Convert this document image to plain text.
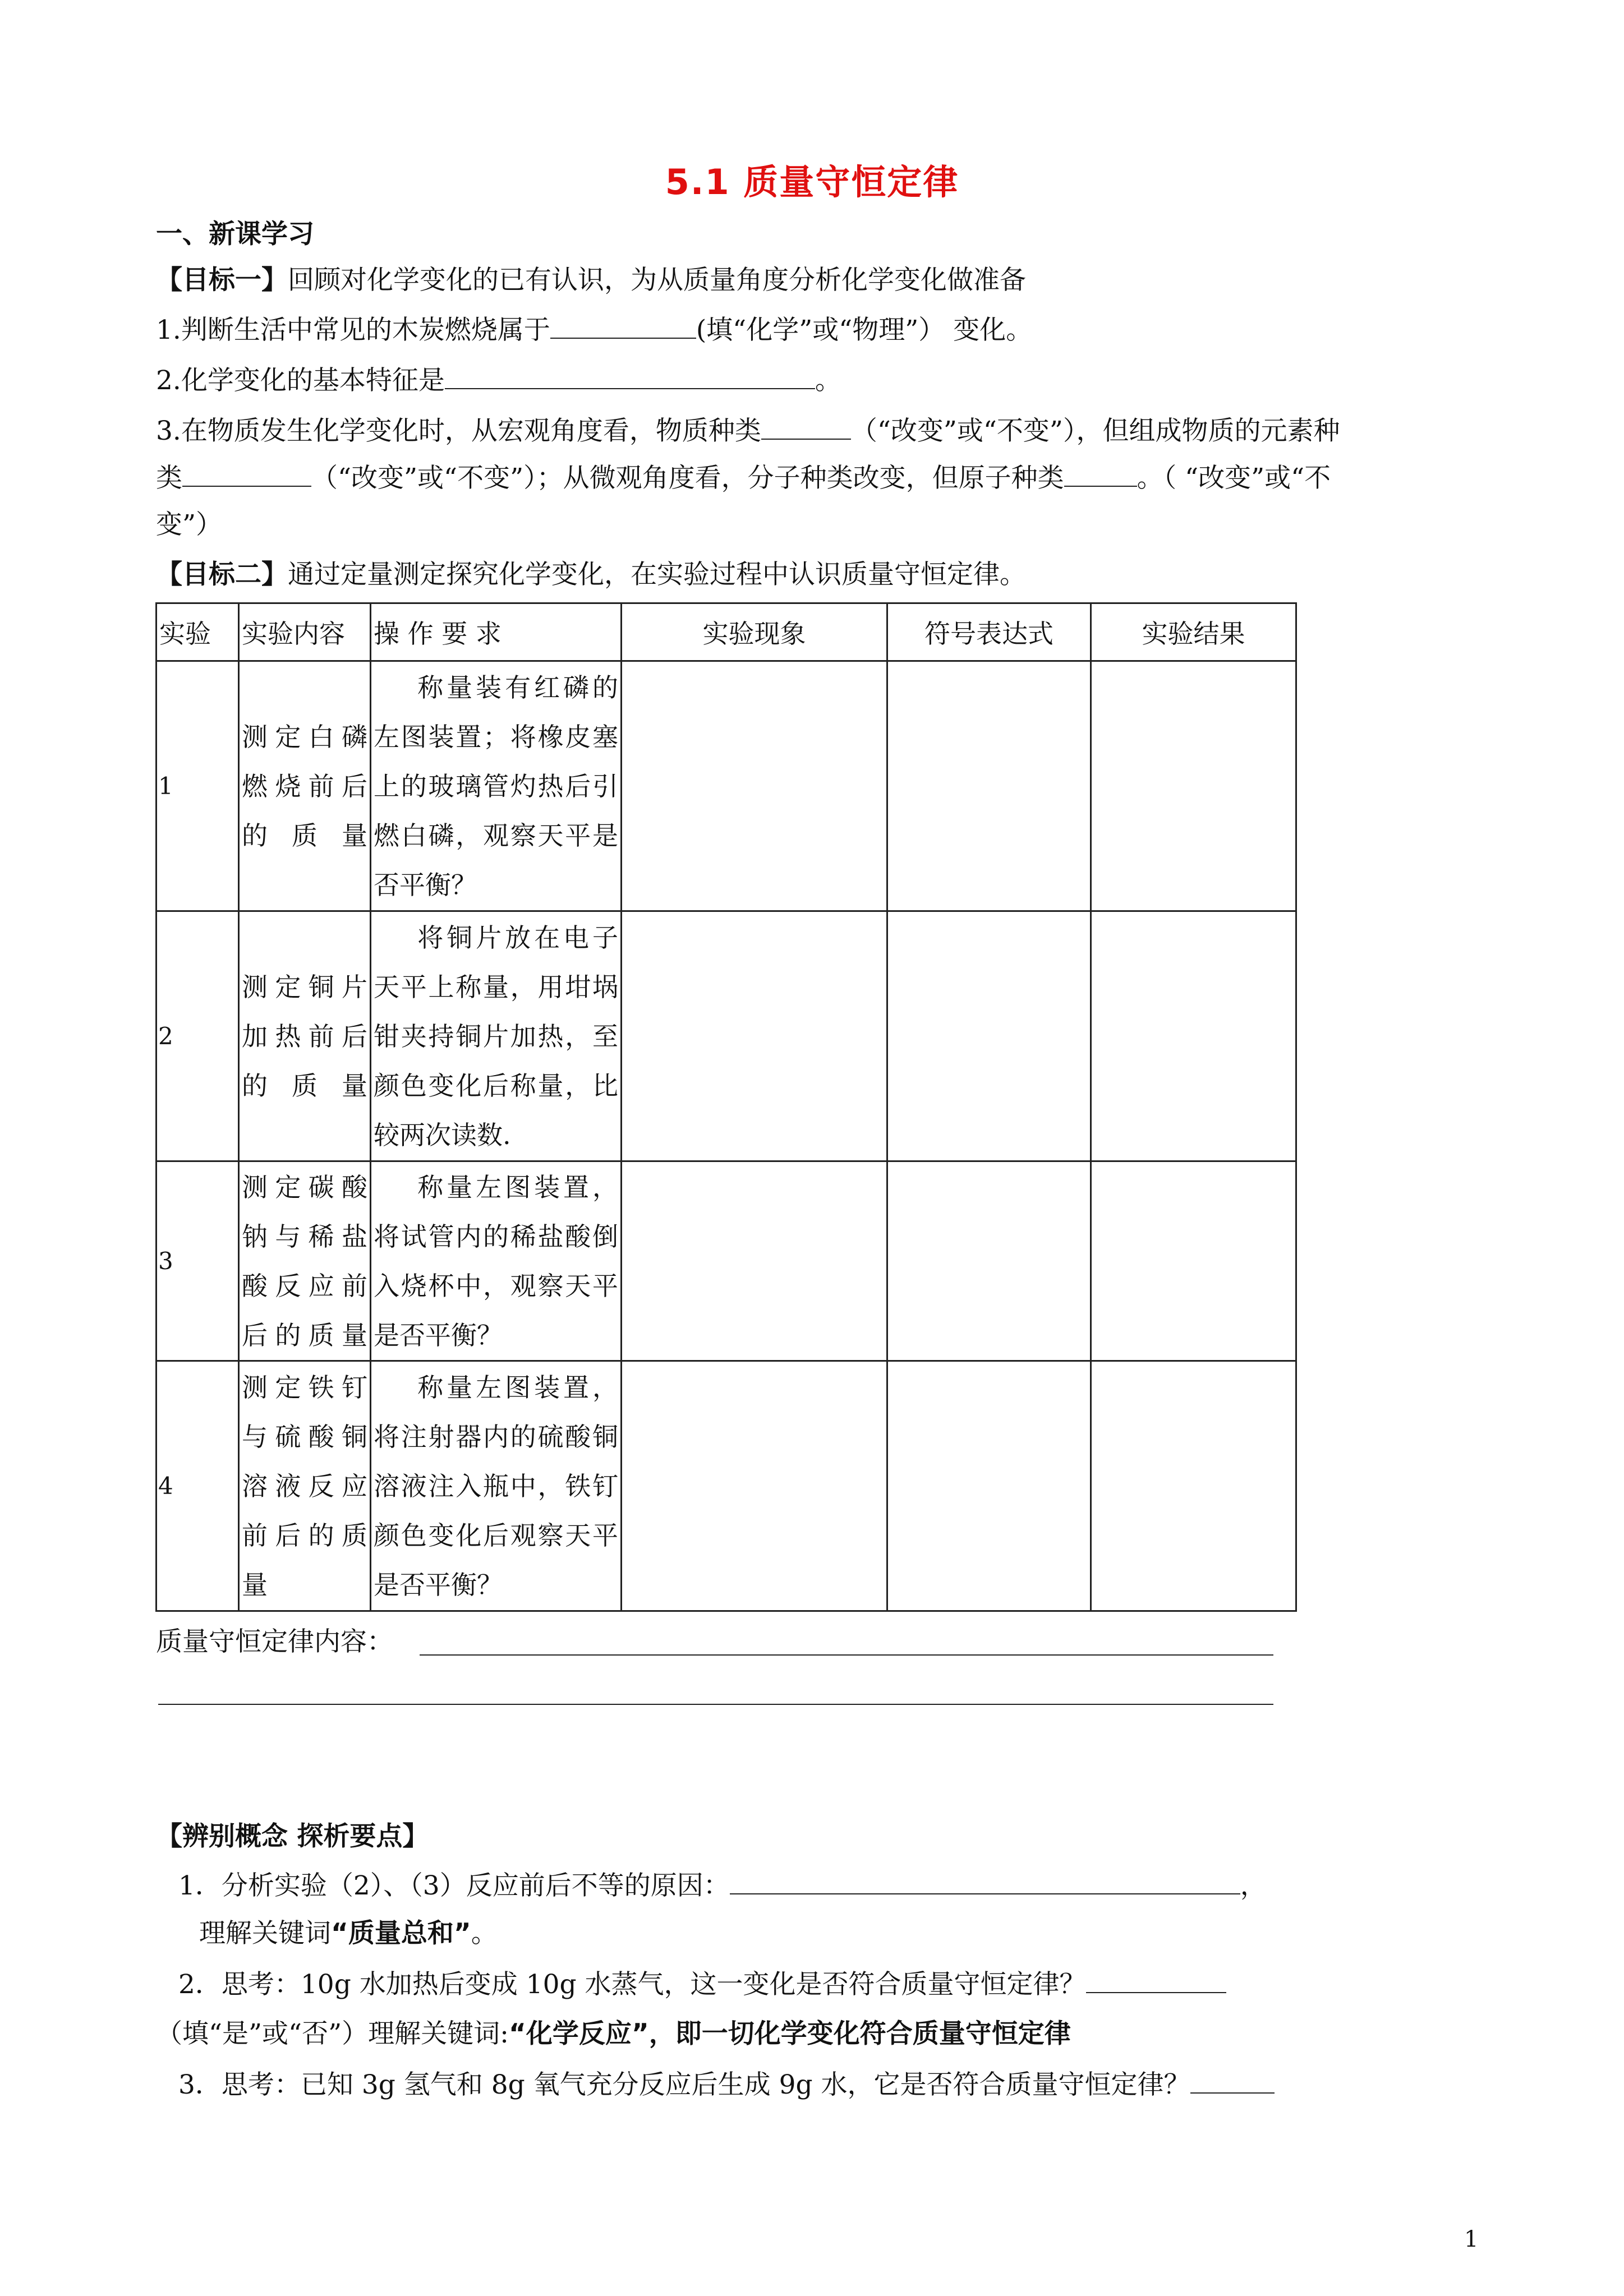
5.1 质量守恒定律
一、新课学习
【目标一】回顾对化学变化的已有认识，为从质量角度分析化学变化做准备
1.判断生活中常见的木炭燃烧属于	(填“化学”或“物理”） 变化。
2.化学变化的基本特征是	。
3.在物质发生化学变化时，从宏观角度看，物质种类	（“改变”或“不变”），但组成物质的元素种
类	（“改变”或“不变”）；从微观角度看，分子种类改变，但原子种类	。（ “改变”或“不
变”）
【目标二】通过定量测定探究化学变化，在实验过程中认识质量守恒定律。
实验	实验内容	操 作 要 求	实验现象	符号表达式	实验结果
1	测定白磷燃烧前后的质量	称量装有红磷的左图装置；将橡皮塞上的玻璃管灼热后引燃白磷，观察天平是否平衡？			
2	测定铜片加热前后的质量	将铜片放在电子天平上称量，用坩埚钳夹持铜片加热，至颜色变化后称量，比较两次读数.			
3	测定碳酸钠与稀盐酸反应前后的质量	称量左图装置，将试管内的稀盐酸倒入烧杯中，观察天平是否平衡？			
4	测定铁钉与硫酸铜溶液反应前后的质量	称量左图装置，将注射器内的硫酸铜溶液注入瓶中，铁钉颜色变化后观察天平是否平衡？			
质量守恒定律内容：
【辨别概念 探析要点】
1．分析实验（2）、（3）反应前后不等的原因：	，
理解关键词“质量总和”。
2．思考：10g 水加热后变成 10g 水蒸气，这一变化是否符合质量守恒定律？
（填“是”或“否”）理解关键词:“化学反应”，即一切化学变化符合质量守恒定律
3．思考：已知 3g 氢气和 8g 氧气充分反应后生成 9g 水，它是否符合质量守恒定律？
1
